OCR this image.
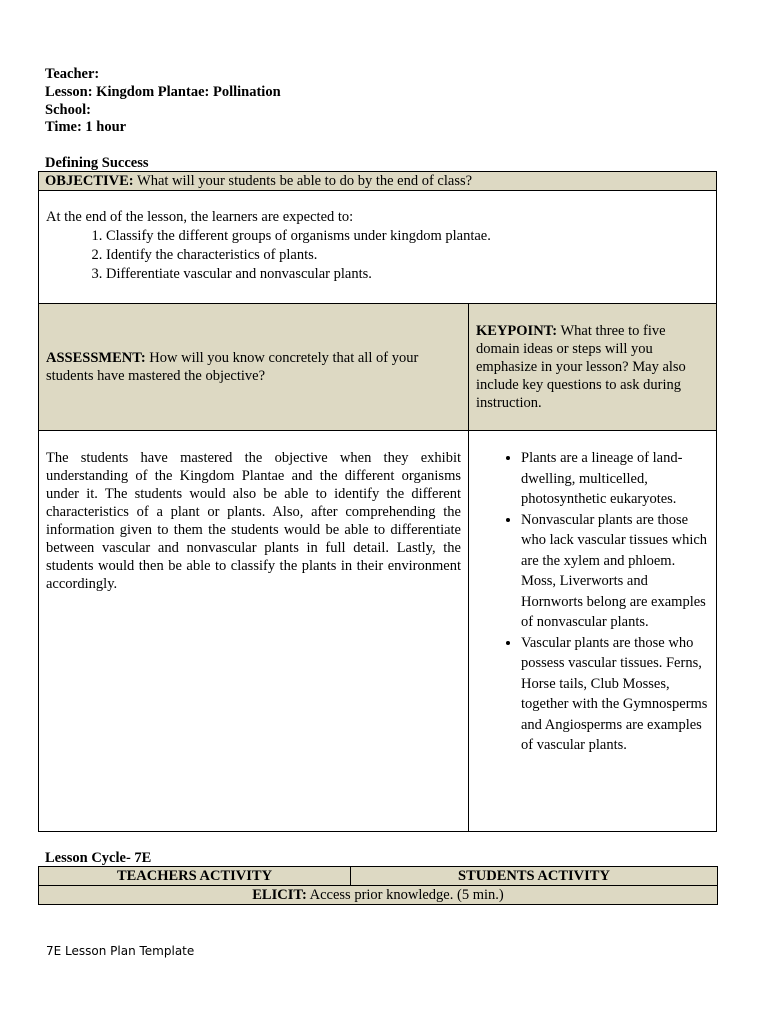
Teacher:
Lesson: Kingdom Plantae: Pollination
School:
Time: 1 hour
Defining Success
OBJECTIVE: What will your students be able to do by the end of class?
At the end of the lesson, the learners are expected to:
1. Classify the different groups of organisms under kingdom plantae.
2. Identify the characteristics of plants.
3. Differentiate vascular and nonvascular plants.
ASSESSMENT: How will you know concretely that all of your students have mastered the objective?
KEYPOINT: What three to five domain ideas or steps will you emphasize in your lesson? May also include key questions to ask during instruction.
The students have mastered the objective when they exhibit understanding of the Kingdom Plantae and the different organisms under it. The students would also be able to identify the different characteristics of a plant or plants. Also, after comprehending the information given to them the students would be able to differentiate between vascular and nonvascular plants in full detail. Lastly, the students would then be able to classify the plants in their environment accordingly.
• Plants are a lineage of land-dwelling, multicelled, photosynthetic eukaryotes.
• Nonvascular plants are those who lack vascular tissues which are the xylem and phloem. Moss, Liverworts and Hornworts belong are examples of nonvascular plants.
• Vascular plants are those who possess vascular tissues. Ferns, Horse tails, Club Mosses, together with the Gymnosperms and Angiosperms are examples of vascular plants.
Lesson Cycle- 7E
TEACHERS ACTIVITY	STUDENTS ACTIVITY
ELICIT: Access prior knowledge. (5 min.)
7E Lesson Plan Template
